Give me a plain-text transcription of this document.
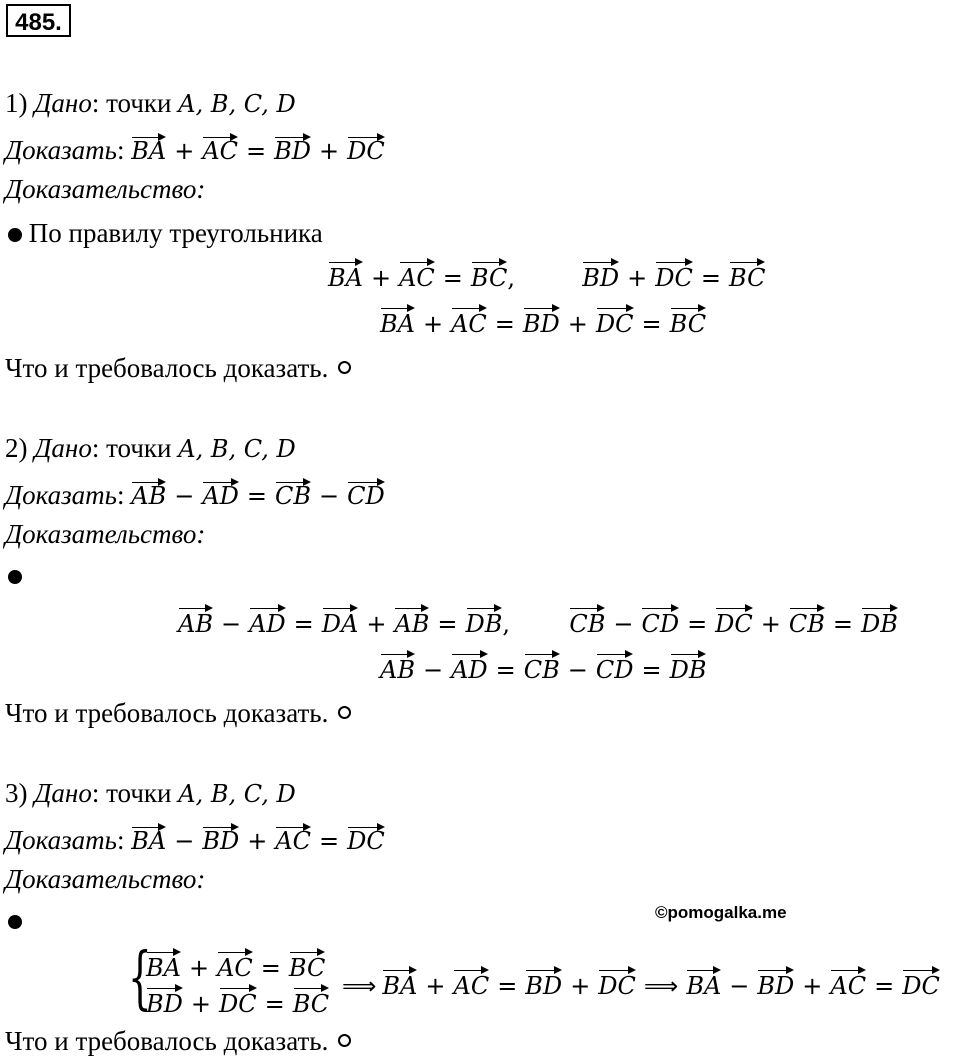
485.
1) Дано: точки A, B, C, D
Доказать: BA + AC = BD + DC
Доказательство:
По правилу треугольника
BA + AC = BC,	BD + DC = BC
BA + AC = BD + DC = BC
Что и требовалось доказать.
2) Дано: точки A, B, C, D
Доказать: AB − AD = CB − CD
Доказательство:
AB − AD = DA + AB = DB, CB − CD = DC + CB = DB
AB − AD = CB − CD = DB
Что и требовалось доказать.
3) Дано: точки A, B, C, D
Доказать: BA − BD + AC = DC
Доказательство:
©pomogalka.me
{
BA + AC = BC
BD + DC = BC
⟹ BA + AC = BD + DC ⟹ BA − BD + AC = DC
Что и требовалось доказать.
